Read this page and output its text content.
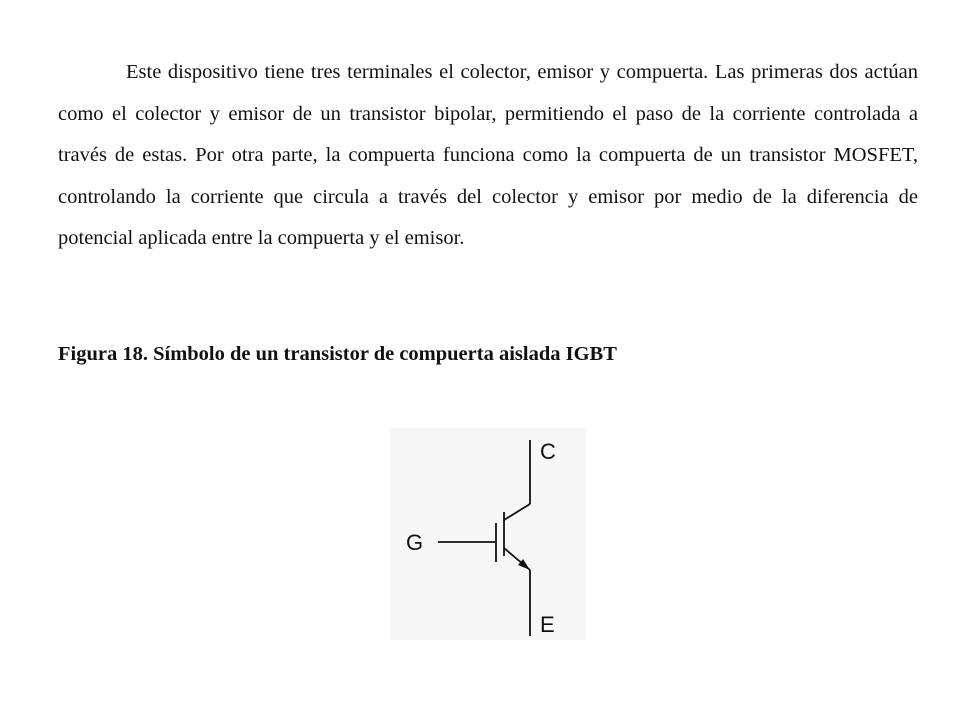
Este dispositivo tiene tres terminales el colector, emisor y compuerta. Las primeras dos actúan como el colector y emisor de un transistor bipolar, permitiendo el paso de la corriente controlada a través de estas. Por otra parte, la compuerta funciona como la compuerta de un transistor MOSFET, controlando la corriente que circula a través del colector y emisor por medio de la diferencia de potencial aplicada entre la compuerta y el emisor.

Figura 18. Símbolo de un transistor de compuerta aislada IGBT

C
G
E
